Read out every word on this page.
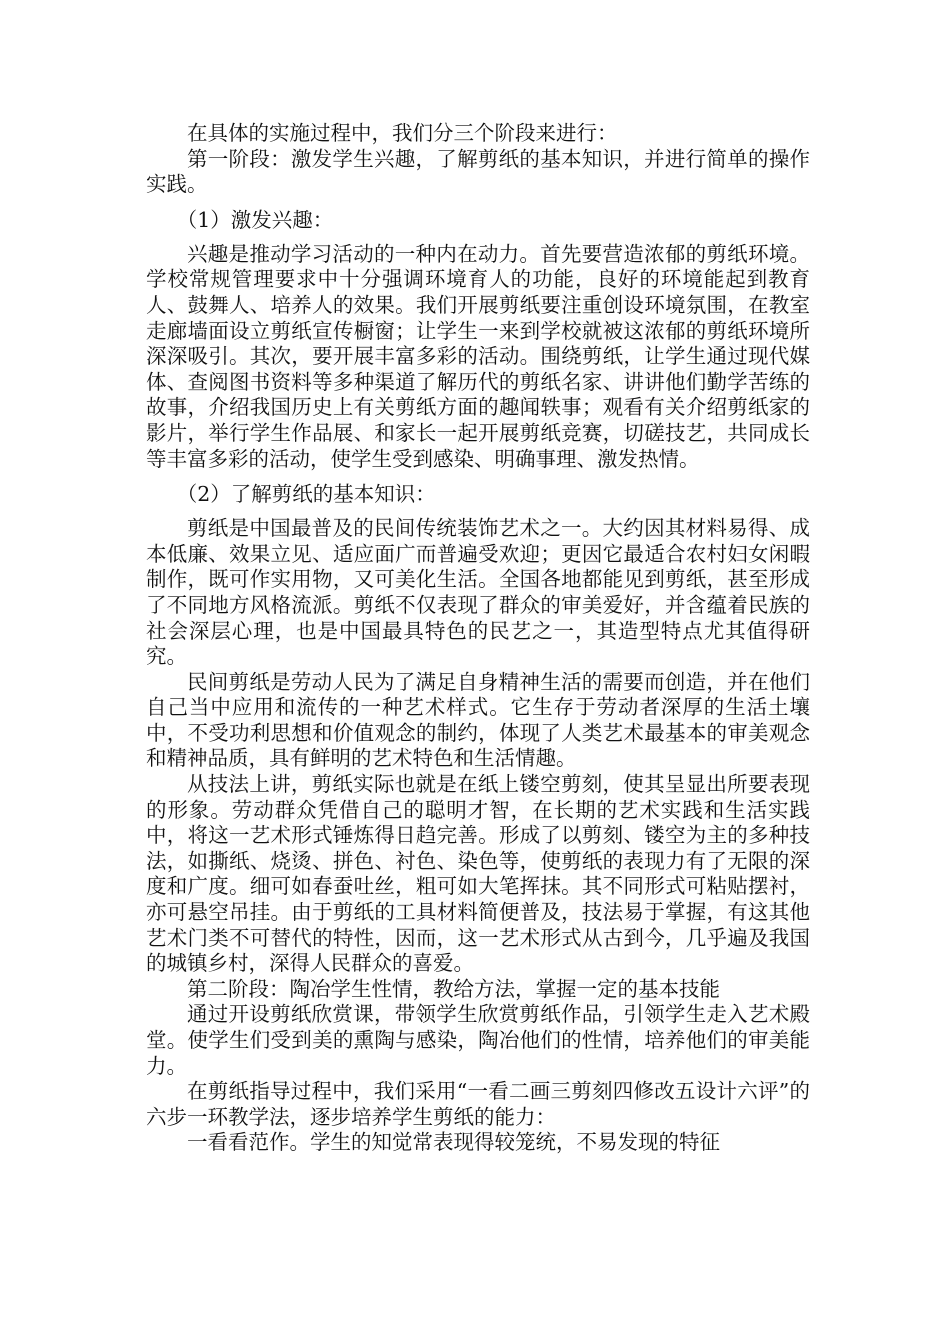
在具体的实施过程中，我们分三个阶段来进行：

第一阶段：激发学生兴趣，了解剪纸的基本知识，并进行简单的操作实践。

（1）激发兴趣：

兴趣是推动学习活动的一种内在动力。首先要营造浓郁的剪纸环境。学校常规管理要求中十分强调环境育人的功能，良好的环境能起到教育人、鼓舞人、培养人的效果。我们开展剪纸要注重创设环境氛围，在教室走廊墙面设立剪纸宣传橱窗；让学生一来到学校就被这浓郁的剪纸环境所深深吸引。其次，要开展丰富多彩的活动。围绕剪纸，让学生通过现代媒体、查阅图书资料等多种渠道了解历代的剪纸名家、讲讲他们勤学苦练的故事，介绍我国历史上有关剪纸方面的趣闻轶事；观看有关介绍剪纸家的影片，举行学生作品展、和家长一起开展剪纸竞赛，切磋技艺，共同成长等丰富多彩的活动，使学生受到感染、明确事理、激发热情。

（2）了解剪纸的基本知识：

剪纸是中国最普及的民间传统装饰艺术之一。大约因其材料易得、成本低廉、效果立见、适应面广而普遍受欢迎；更因它最适合农村妇女闲暇制作，既可作实用物，又可美化生活。全国各地都能见到剪纸，甚至形成了不同地方风格流派。剪纸不仅表现了群众的审美爱好，并含蕴着民族的社会深层心理，也是中国最具特色的民艺之一，其造型特点尤其值得研究。

民间剪纸是劳动人民为了满足自身精神生活的需要而创造，并在他们自己当中应用和流传的一种艺术样式。它生存于劳动者深厚的生活土壤中，不受功利思想和价值观念的制约，体现了人类艺术最基本的审美观念和精神品质，具有鲜明的艺术特色和生活情趣。

从技法上讲，剪纸实际也就是在纸上镂空剪刻，使其呈显出所要表现的形象。劳动群众凭借自己的聪明才智，在长期的艺术实践和生活实践中，将这一艺术形式锤炼得日趋完善。形成了以剪刻、镂空为主的多种技法，如撕纸、烧烫、拼色、衬色、染色等，使剪纸的表现力有了无限的深度和广度。细可如春蚕吐丝，粗可如大笔挥抹。其不同形式可粘贴摆衬，亦可悬空吊挂。由于剪纸的工具材料简便普及，技法易于掌握，有这其他艺术门类不可替代的特性，因而，这一艺术形式从古到今，几乎遍及我国的城镇乡村，深得人民群众的喜爱。

第二阶段：陶冶学生性情，教给方法，掌握一定的基本技能

通过开设剪纸欣赏课，带领学生欣赏剪纸作品，引领学生走入艺术殿堂。使学生们受到美的熏陶与感染，陶冶他们的性情，培养他们的审美能力。

在剪纸指导过程中，我们采用“一看二画三剪刻四修改五设计六评”的六步一环教学法，逐步培养学生剪纸的能力：

一看看范作。学生的知觉常表现得较笼统，不易发现的特征
